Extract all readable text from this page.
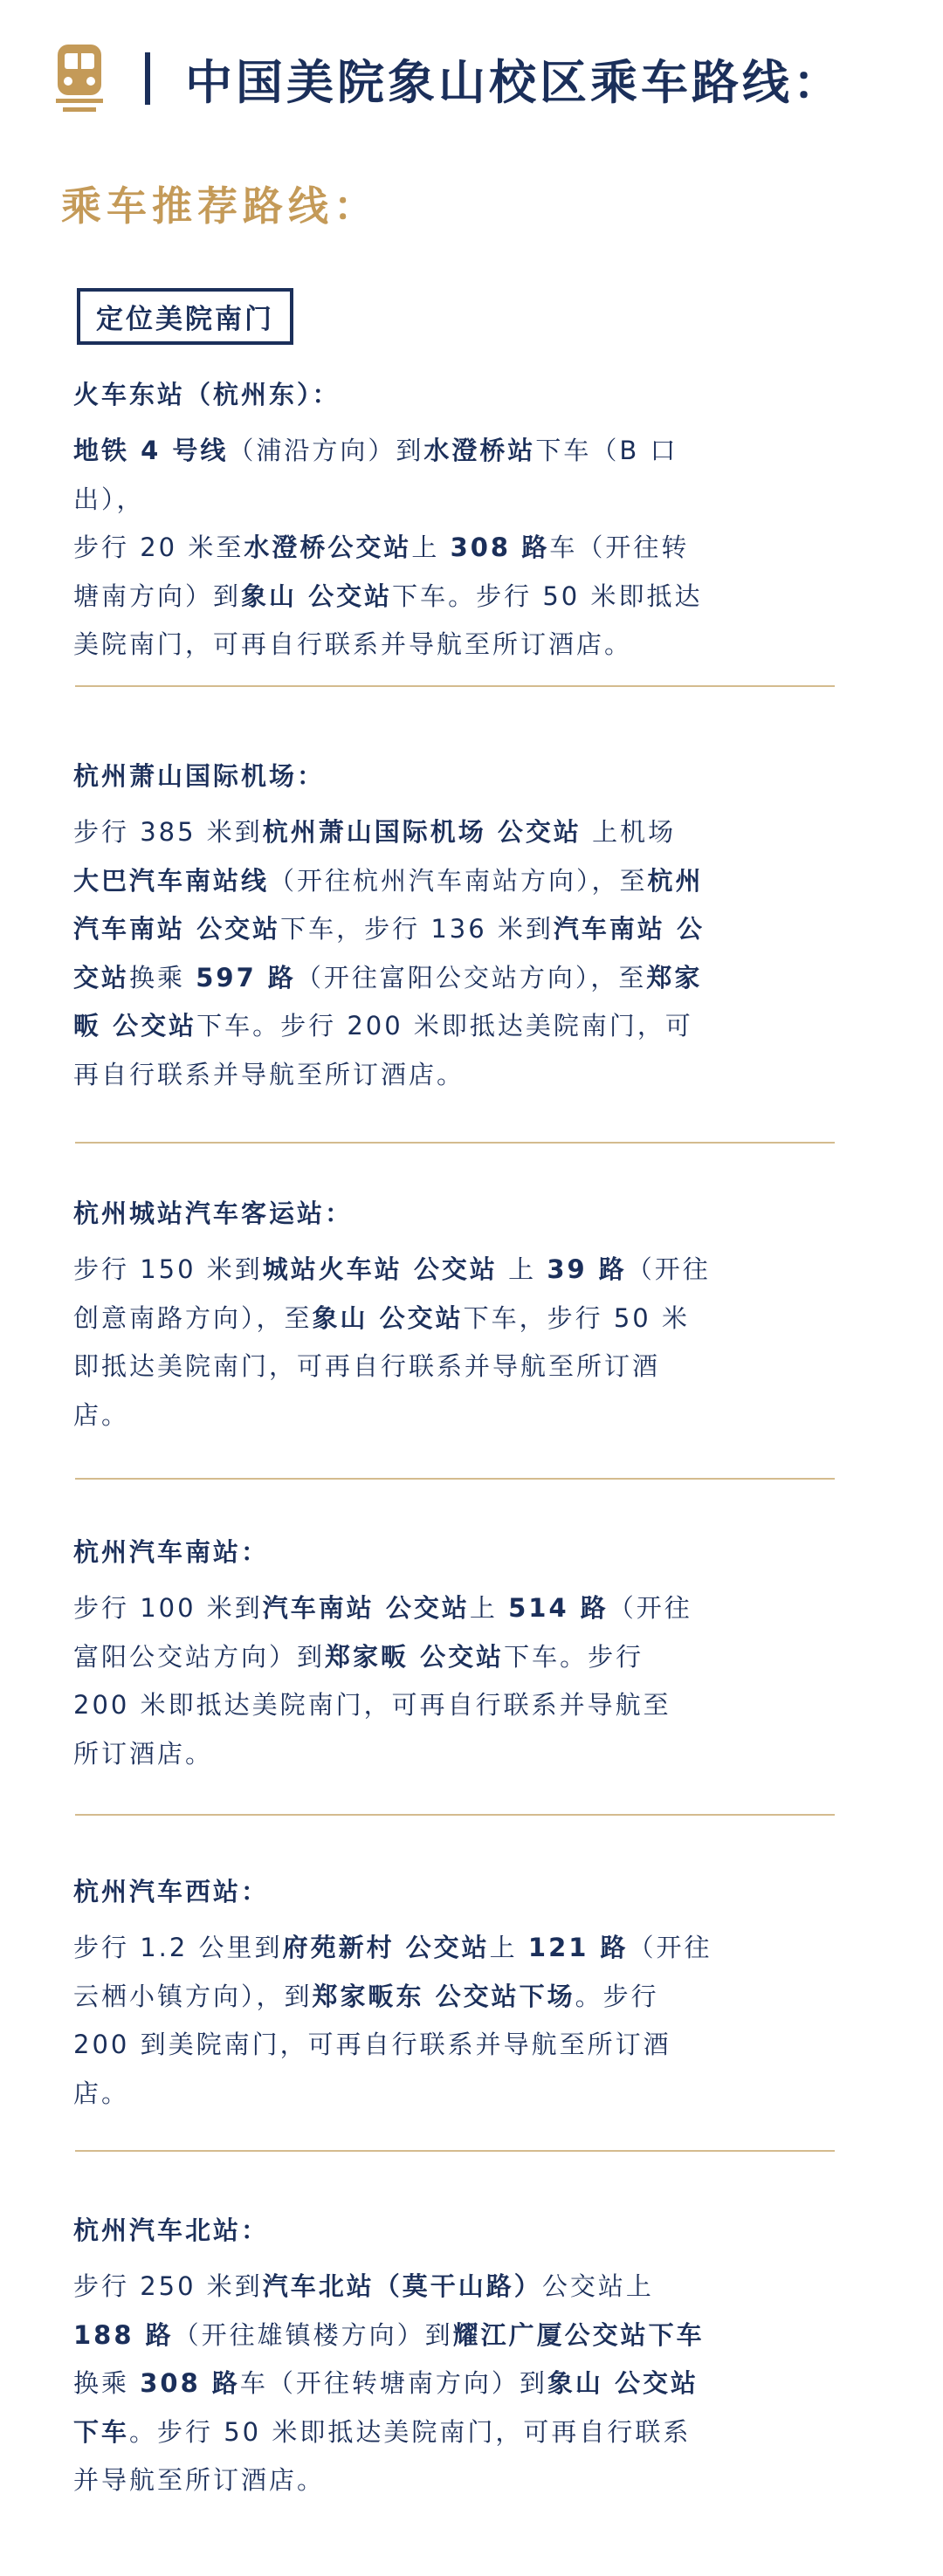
中国美院象山校区乘车路线：
乘车推荐路线：
定位美院南门
火车东站（杭州东）：
地铁 4 号线（浦沿方向）到水澄桥站下车（B 口出），
步行 20 米至水澄桥公交站上 308 路车（开往转
塘南方向）到象山 公交站下车。步行 50 米即抵达
美院南门，可再自行联系并导航至所订酒店。
杭州萧山国际机场：
步行 385 米到杭州萧山国际机场 公交站 上机场
大巴汽车南站线（开往杭州汽车南站方向），至杭州
汽车南站 公交站下车，步行 136 米到汽车南站 公
交站换乘 597 路（开往富阳公交站方向），至郑家
畈 公交站下车。步行 200 米即抵达美院南门，可
再自行联系并导航至所订酒店。
杭州城站汽车客运站：
步行 150 米到城站火车站 公交站 上 39 路（开往
创意南路方向），至象山 公交站下车，步行 50 米
即抵达美院南门，可再自行联系并导航至所订酒
店。
杭州汽车南站：
步行 100 米到汽车南站 公交站上 514 路（开往
富阳公交站方向）到郑家畈 公交站下车。步行
200 米即抵达美院南门，可再自行联系并导航至
所订酒店。
杭州汽车西站：
步行 1.2 公里到府苑新村 公交站上 121 路（开往
云栖小镇方向），到郑家畈东 公交站下场。步行
200 到美院南门，可再自行联系并导航至所订酒
店。
杭州汽车北站：
步行 250 米到汽车北站（莫干山路）公交站上
188 路（开往雄镇楼方向）到耀江广厦公交站下车
换乘 308 路车（开往转塘南方向）到象山 公交站
下车。步行 50 米即抵达美院南门，可再自行联系
并导航至所订酒店。
